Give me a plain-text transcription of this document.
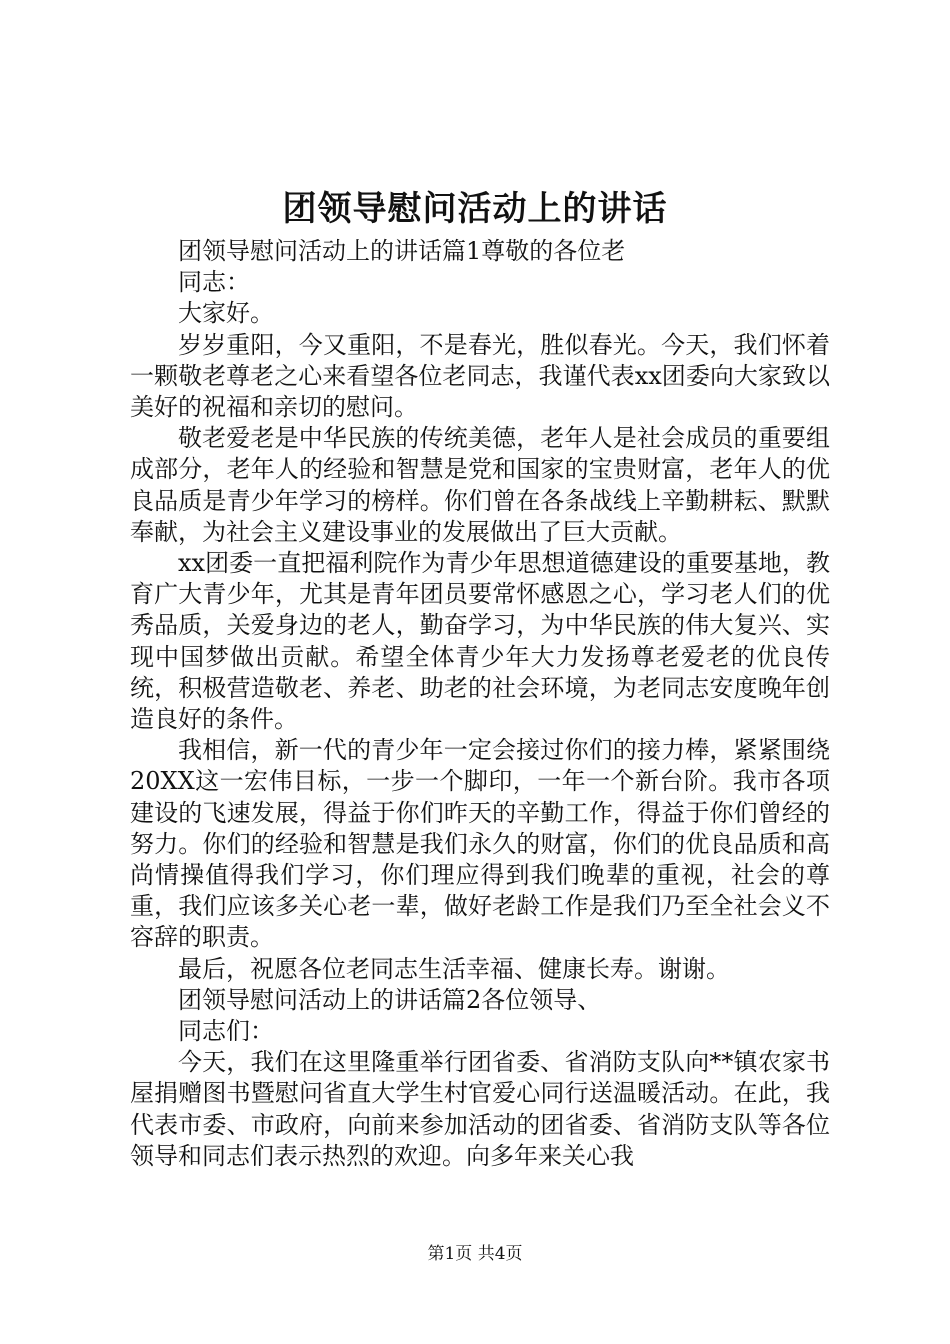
团领导慰问活动上的讲话

团领导慰问活动上的讲话篇1尊敬的各位老

同志：

大家好。

岁岁重阳，今又重阳，不是春光，胜似春光。今天，我们怀着一颗敬老尊老之心来看望各位老同志，我谨代表xx团委向大家致以美好的祝福和亲切的慰问。

敬老爱老是中华民族的传统美德，老年人是社会成员的重要组成部分，老年人的经验和智慧是党和国家的宝贵财富，老年人的优良品质是青少年学习的榜样。你们曾在各条战线上辛勤耕耘、默默奉献，为社会主义建设事业的发展做出了巨大贡献。

xx团委一直把福利院作为青少年思想道德建设的重要基地，教育广大青少年，尤其是青年团员要常怀感恩之心，学习老人们的优秀品质，关爱身边的老人，勤奋学习，为中华民族的伟大复兴、实现中国梦做出贡献。希望全体青少年大力发扬尊老爱老的优良传统，积极营造敬老、养老、助老的社会环境，为老同志安度晚年创造良好的条件。

我相信，新一代的青少年一定会接过你们的接力棒，紧紧围绕20XX这一宏伟目标，一步一个脚印，一年一个新台阶。我市各项建设的飞速发展，得益于你们昨天的辛勤工作，得益于你们曾经的努力。你们的经验和智慧是我们永久的财富，你们的优良品质和高尚情操值得我们学习，你们理应得到我们晚辈的重视，社会的尊重，我们应该多关心老一辈，做好老龄工作是我们乃至全社会义不容辞的职责。

最后，祝愿各位老同志生活幸福、健康长寿。谢谢。

团领导慰问活动上的讲话篇2各位领导、

同志们：

今天，我们在这里隆重举行团省委、省消防支队向**镇农家书屋捐赠图书暨慰问省直大学生村官爱心同行送温暖活动。在此，我代表市委、市政府，向前来参加活动的团省委、省消防支队等各位领导和同志们表示热烈的欢迎。向多年来关心我

第1页 共4页
